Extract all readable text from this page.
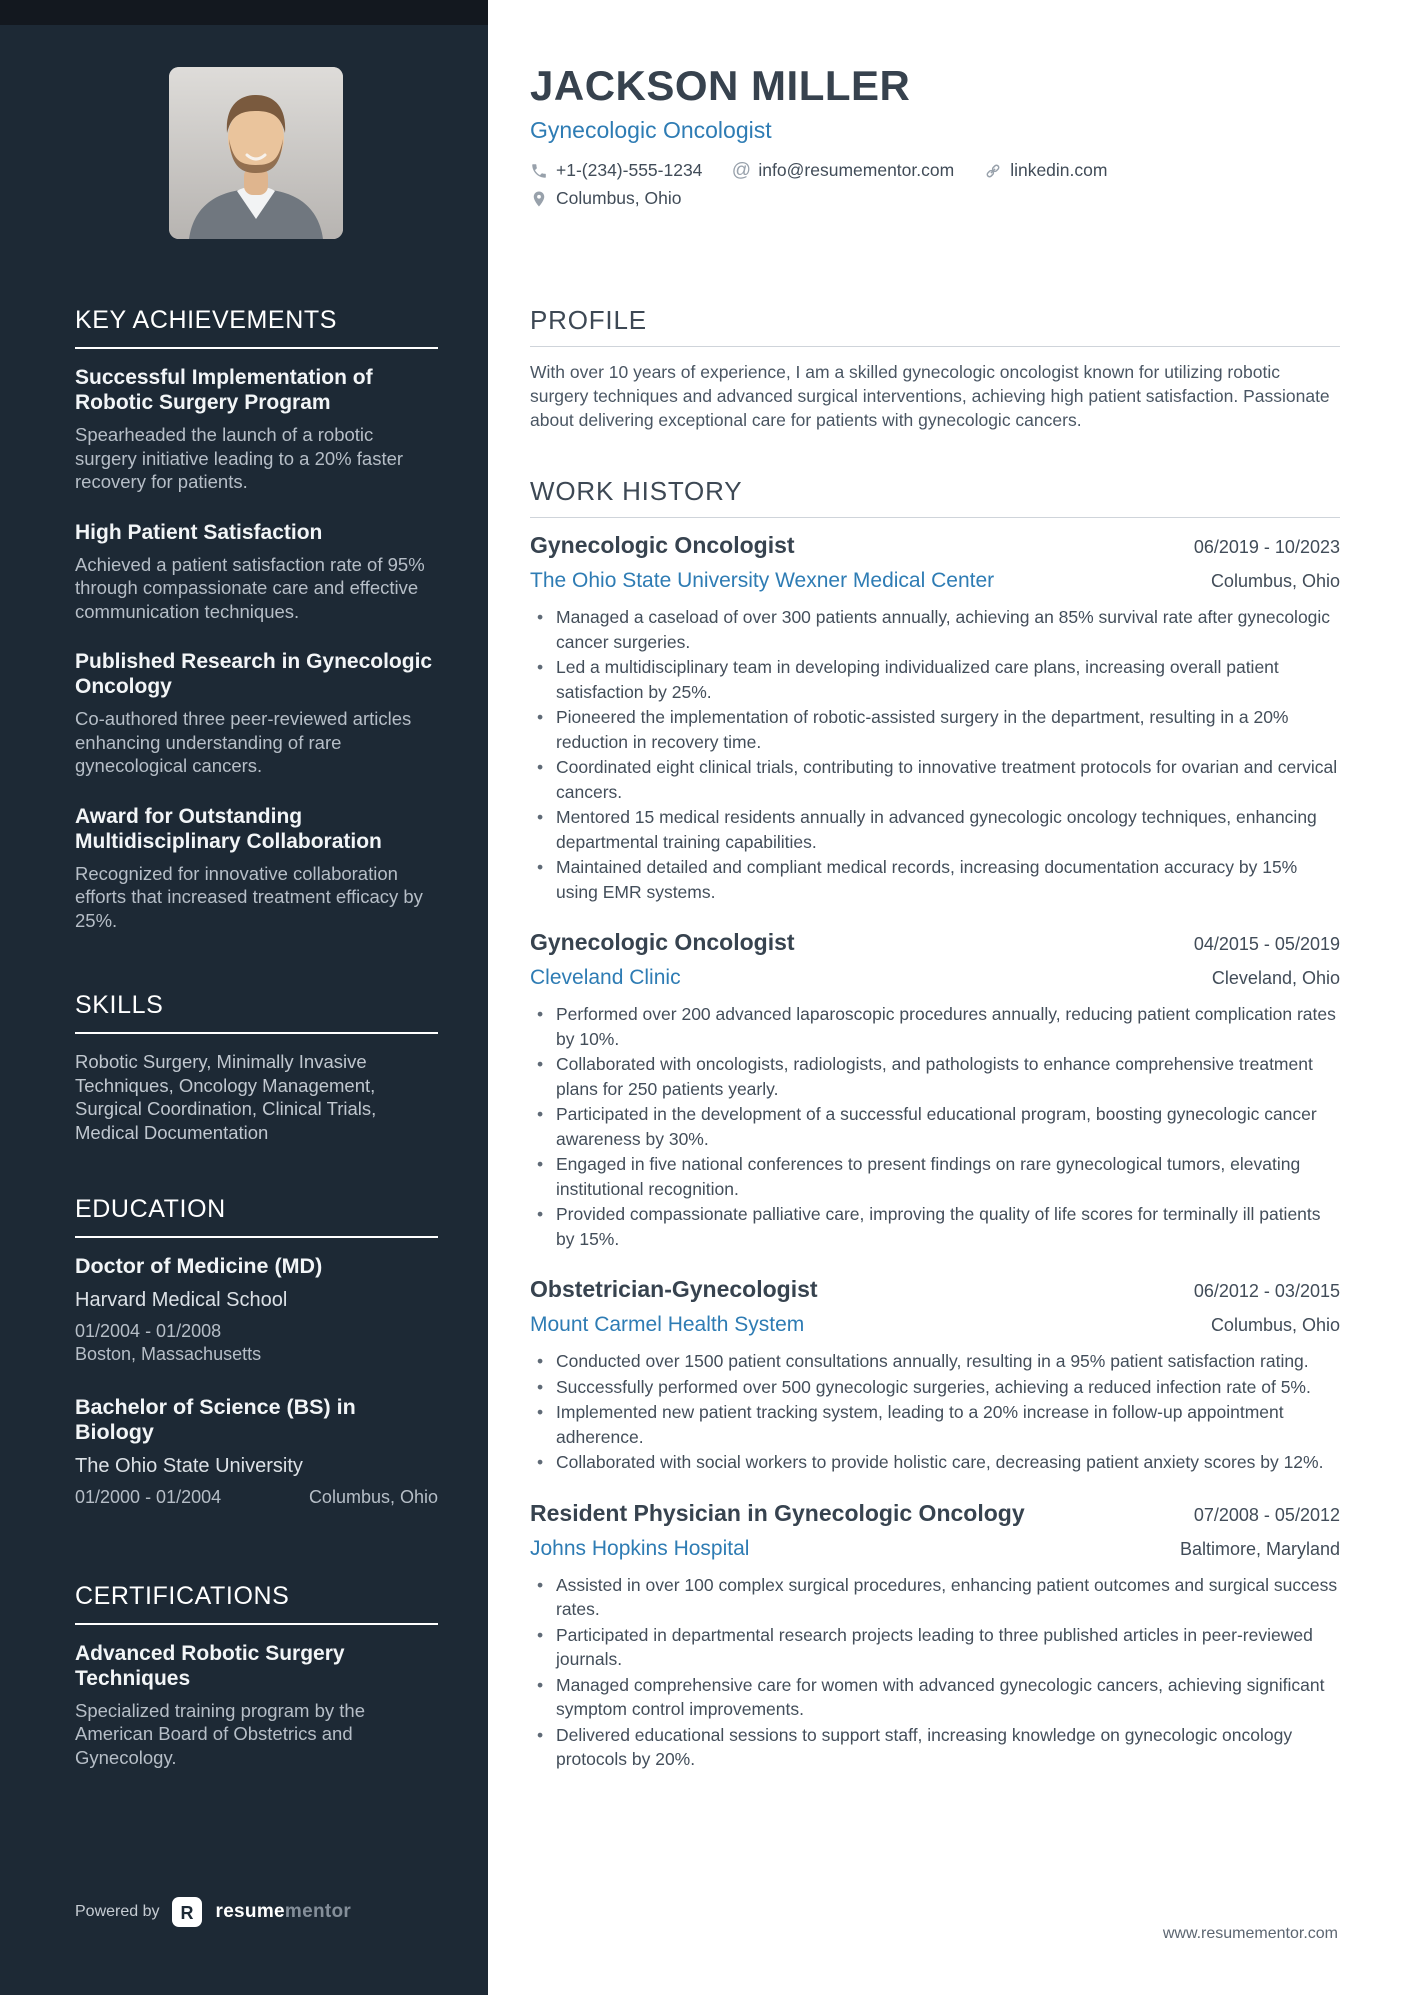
KEY ACHIEVEMENTS

Successful Implementation of Robotic Surgery Program

Spearheaded the launch of a robotic surgery initiative leading to a 20% faster recovery for patients.

High Patient Satisfaction

Achieved a patient satisfaction rate of 95% through compassionate care and effective communication techniques.

Published Research in Gynecologic Oncology

Co-authored three peer-reviewed articles enhancing understanding of rare gynecological cancers.

Award for Outstanding Multidisciplinary Collaboration

Recognized for innovative collaboration efforts that increased treatment efficacy by 25%.

SKILLS

Robotic Surgery, Minimally Invasive Techniques, Oncology Management, Surgical Coordination, Clinical Trials, Medical Documentation

EDUCATION

Doctor of Medicine (MD)

Harvard Medical School

01/2004 - 01/2008
Boston, Massachusetts

Bachelor of Science (BS) in Biology

The Ohio State University

01/2000 - 01/2004	Columbus, Ohio
CERTIFICATIONS

Advanced Robotic Surgery Techniques

Specialized training program by the American Board of Obstetrics and Gynecology.

Powered by R resumementor
JACKSON MILLER

Gynecologic Oncologist

+1-(234)-555-1234 @ info@resumementor.com	linkedin.com
Columbus, Ohio
PROFILE

With over 10 years of experience, I am a skilled gynecologic oncologist known for utilizing robotic surgery techniques and advanced surgical interventions, achieving high patient satisfaction. Passionate about delivering exceptional care for patients with gynecologic cancers.

WORK HISTORY
Gynecologic Oncologist	06/2019 - 10/2023
The Ohio State University Wexner Medical Center	Columbus, Ohio
• Managed a caseload of over 300 patients annually, achieving an 85% survival rate after gynecologic cancer surgeries.
• Led a multidisciplinary team in developing individualized care plans, increasing overall patient satisfaction by 25%.
• Pioneered the implementation of robotic-assisted surgery in the department, resulting in a 20% reduction in recovery time.
• Coordinated eight clinical trials, contributing to innovative treatment protocols for ovarian and cervical cancers.
• Mentored 15 medical residents annually in advanced gynecologic oncology techniques, enhancing departmental training capabilities.
• Maintained detailed and compliant medical records, increasing documentation accuracy by 15% using EMR systems.
Gynecologic Oncologist	04/2015 - 05/2019
Cleveland Clinic	Cleveland, Ohio
• Performed over 200 advanced laparoscopic procedures annually, reducing patient complication rates by 10%.
• Collaborated with oncologists, radiologists, and pathologists to enhance comprehensive treatment plans for 250 patients yearly.
• Participated in the development of a successful educational program, boosting gynecologic cancer awareness by 30%.
• Engaged in five national conferences to present findings on rare gynecological tumors, elevating institutional recognition.
• Provided compassionate palliative care, improving the quality of life scores for terminally ill patients by 15%.
Obstetrician-Gynecologist	06/2012 - 03/2015
Mount Carmel Health System	Columbus, Ohio
• Conducted over 1500 patient consultations annually, resulting in a 95% patient satisfaction rating.
• Successfully performed over 500 gynecologic surgeries, achieving a reduced infection rate of 5%.
• Implemented new patient tracking system, leading to a 20% increase in follow-up appointment adherence.
• Collaborated with social workers to provide holistic care, decreasing patient anxiety scores by 12%.
Resident Physician in Gynecologic Oncology	07/2008 - 05/2012
Johns Hopkins Hospital	Baltimore, Maryland
• Assisted in over 100 complex surgical procedures, enhancing patient outcomes and surgical success rates.
• Participated in departmental research projects leading to three published articles in peer-reviewed journals.
• Managed comprehensive care for women with advanced gynecologic cancers, achieving significant symptom control improvements.
• Delivered educational sessions to support staff, increasing knowledge on gynecologic oncology protocols by 20%.
www.resumementor.com
